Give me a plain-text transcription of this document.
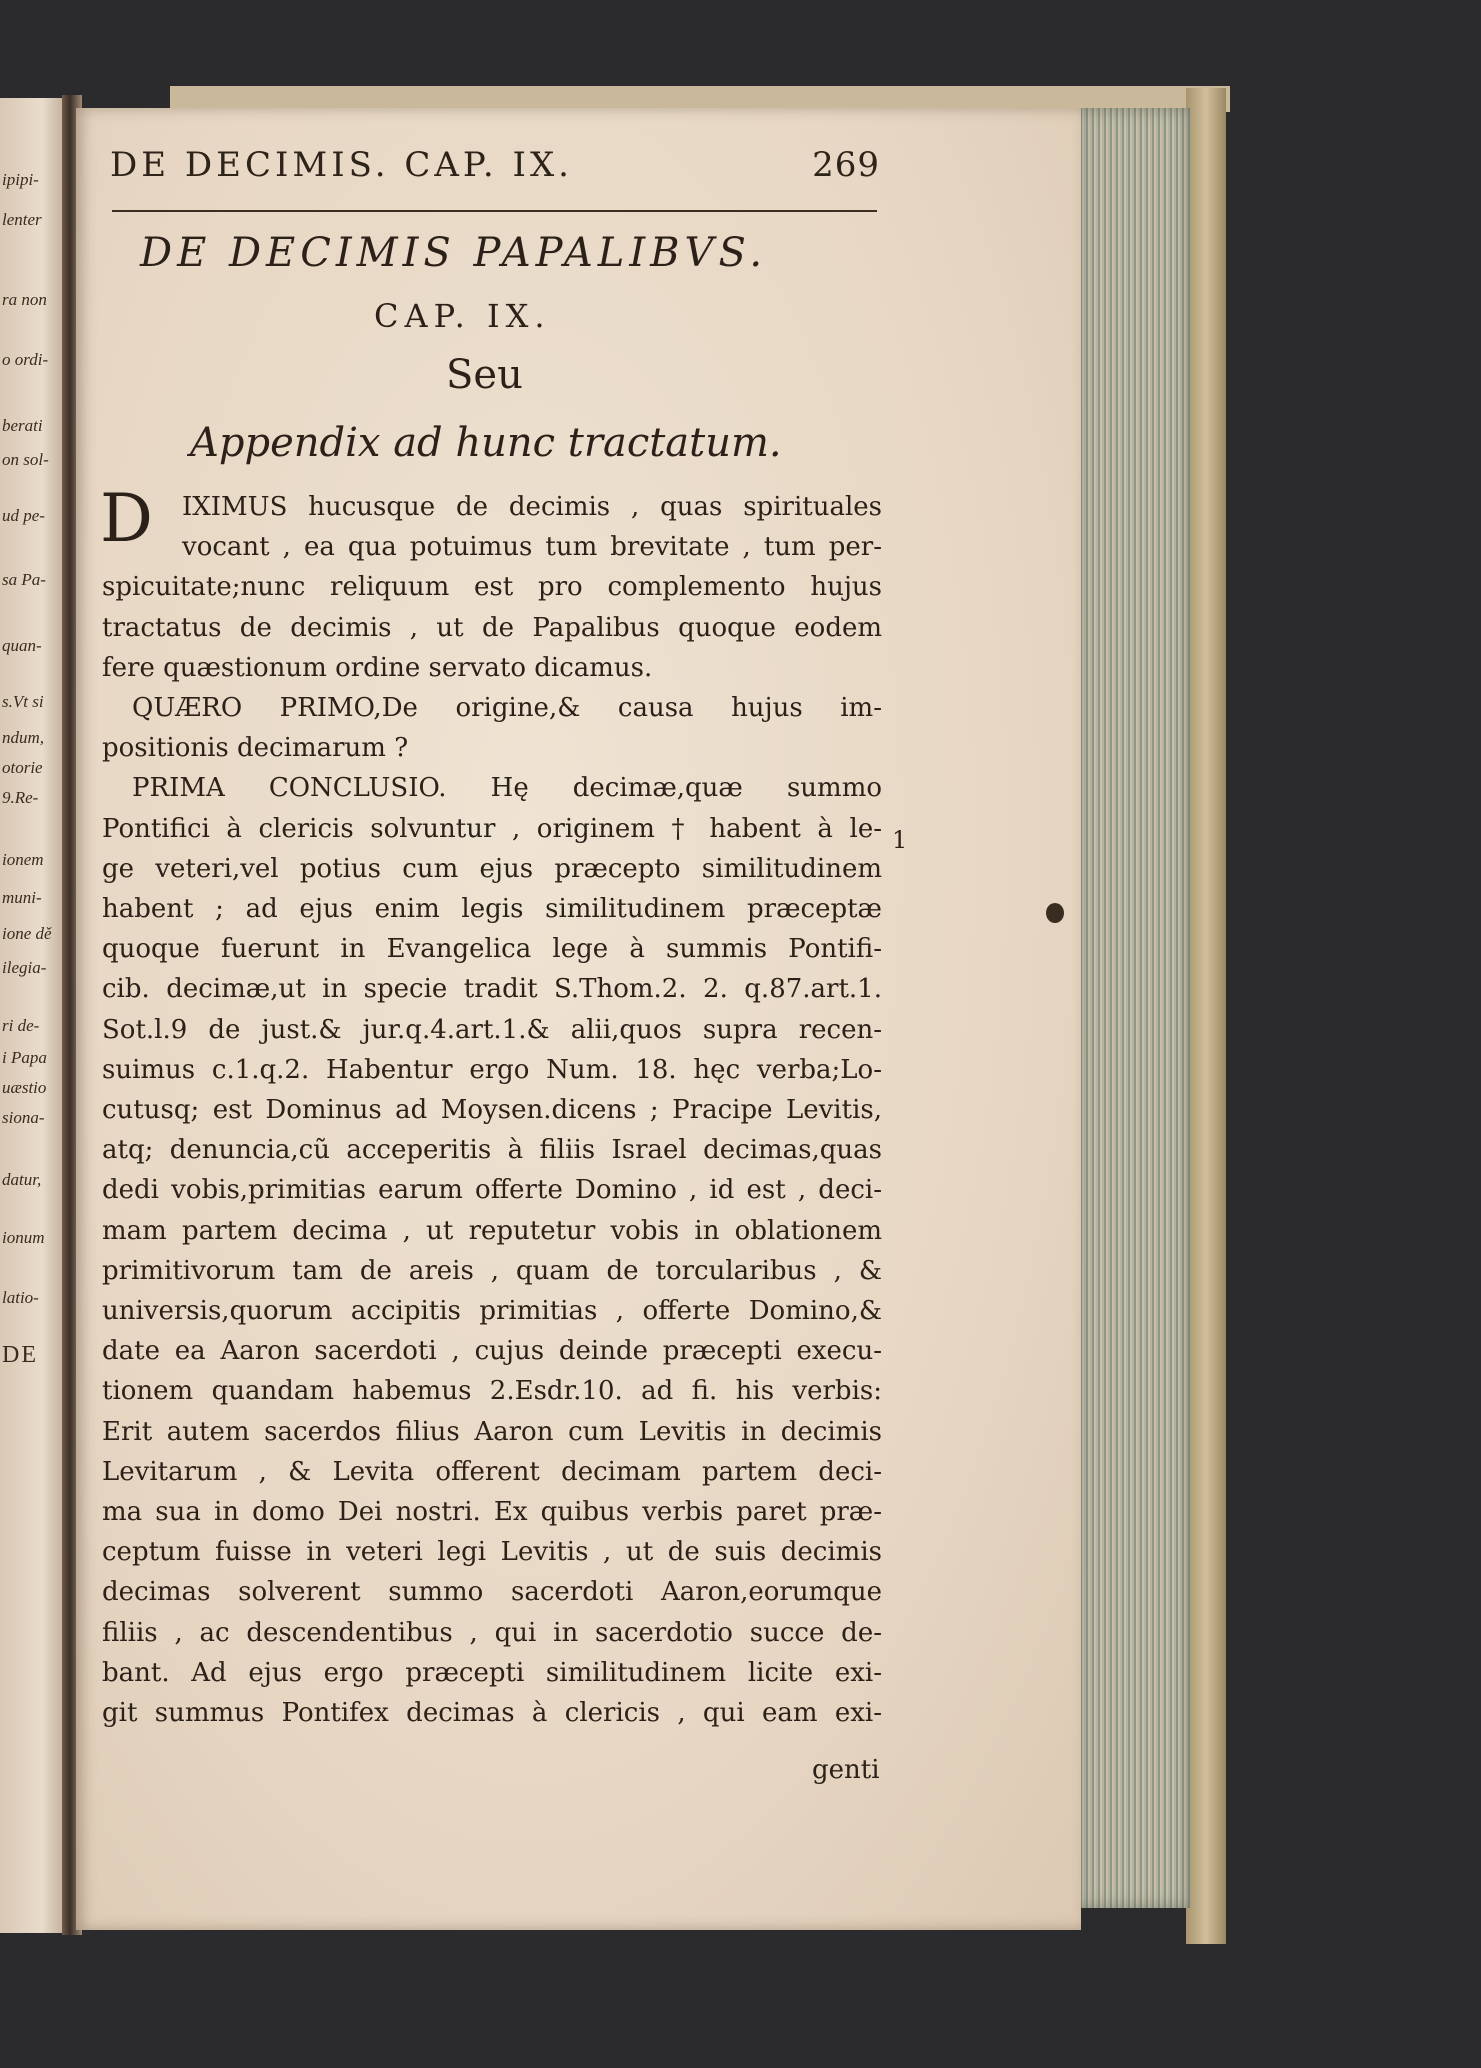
ipipi-
lenter
ra non
o ordi-
berati
on sol-
ud pe-
sa Pa-
quan-
s.Vt si
ndum,
otorie
9.Re-
ionem
muni-
ione dě
ilegia-
ri de-
i Papa
uæstio
siona-
datur,
ionum
latio-
DE
DE DECIMIS. CAP. IX.	269
DE DECIMIS PAPALIBVS.
CAP. IX.
Seu
Appendix ad hunc tractatum.
D	IXIMUS hucusque de decimis , quas spirituales
vocant , ea qua potuimus tum brevitate , tum per-
spicuitate;nunc reliquum est pro complemento hujus
tractatus de decimis , ut de Papalibus quoque eodem
fere quæstionum ordine servato dicamus.
QUÆRO PRIMO,De origine,& causa hujus im-
positionis decimarum ?
PRIMA CONCLUSIO. Hę decimæ,quæ summo
Pontifici à clericis solvuntur , originem † habent à le-
ge veteri,vel potius cum ejus præcepto similitudinem
habent ; ad ejus enim legis similitudinem præceptæ
quoque fuerunt in Evangelica lege à summis Pontifi-
cib. decimæ,ut in specie tradit S.Thom.2. 2. q.87.art.1.
Sot.l.9 de just.& jur.q.4.art.1.& alii,quos supra recen-
suimus c.1.q.2. Habentur ergo Num. 18. hęc verba;Lo-
cutusq; est Dominus ad Moysen.dicens ; Pracipe Levitis,
atq; denuncia,cũ acceperitis à filiis Israel decimas,quas
dedi vobis,primitias earum offerte Domino , id est , deci-
mam partem decima , ut reputetur vobis in oblationem
primitivorum tam de areis , quam de torcularibus , &
universis,quorum accipitis primitias , offerte Domino,&
date ea Aaron sacerdoti , cujus deinde præcepti execu-
tionem quandam habemus 2.Esdr.10. ad fi. his verbis:
Erit autem sacerdos filius Aaron cum Levitis in decimis
Levitarum , & Levita offerent decimam partem deci-
ma sua in domo Dei nostri. Ex quibus verbis paret præ-
ceptum fuisse in veteri legi Levitis , ut de suis decimis
decimas solverent summo sacerdoti Aaron,eorumque
filiis , ac descendentibus , qui in sacerdotio succe de-
bant. Ad ejus ergo præcepti similitudinem licite exi-
git summus Pontifex decimas à clericis , qui eam exi-
1
genti
